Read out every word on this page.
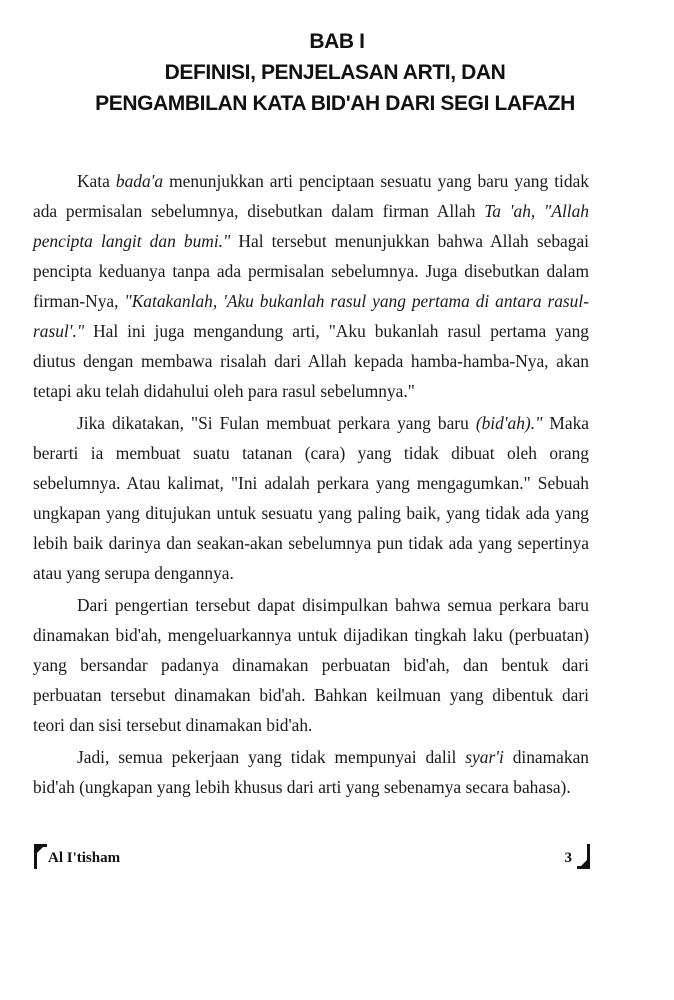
BAB I
DEFINISI, PENJELASAN ARTI, DAN
PENGAMBILAN KATA BID'AH DARI SEGI LAFAZH

Kata bada'a menunjukkan arti penciptaan sesuatu yang baru yang tidak ada permisalan sebelumnya, disebutkan dalam firman Allah Ta 'ah, "Allah pencipta langit dan bumi." Hal tersebut menunjukkan bahwa Allah sebagai pencipta keduanya tanpa ada permisalan sebelumnya. Juga disebutkan dalam firman-Nya, "Katakanlah, 'Aku bukanlah rasul yang pertama di antara rasul-rasul'." Hal ini juga mengandung arti, "Aku bukanlah rasul pertama yang diutus dengan membawa risalah dari Allah kepada hamba-hamba-Nya, akan tetapi aku telah didahului oleh para rasul sebelumnya."

Jika dikatakan, "Si Fulan membuat perkara yang baru (bid'ah)." Maka berarti ia membuat suatu tatanan (cara) yang tidak dibuat oleh orang sebelumnya. Atau kalimat, "Ini adalah perkara yang mengagumkan." Sebuah ungkapan yang ditujukan untuk sesuatu yang paling baik, yang tidak ada yang lebih baik darinya dan seakan-akan sebelumnya pun tidak ada yang sepertinya atau yang serupa dengannya.

Dari pengertian tersebut dapat disimpulkan bahwa semua perkara baru dinamakan bid'ah, mengeluarkannya untuk dijadikan tingkah laku (perbuatan) yang bersandar padanya dinamakan perbuatan bid'ah, dan bentuk dari perbuatan tersebut dinamakan bid'ah. Bahkan keilmuan yang dibentuk dari teori dan sisi tersebut dinamakan bid'ah.

Jadi, semua pekerjaan yang tidak mempunyai dalil syar'i dinamakan bid'ah (ungkapan yang lebih khusus dari arti yang sebenamya secara bahasa).

Al I'tisham	3
